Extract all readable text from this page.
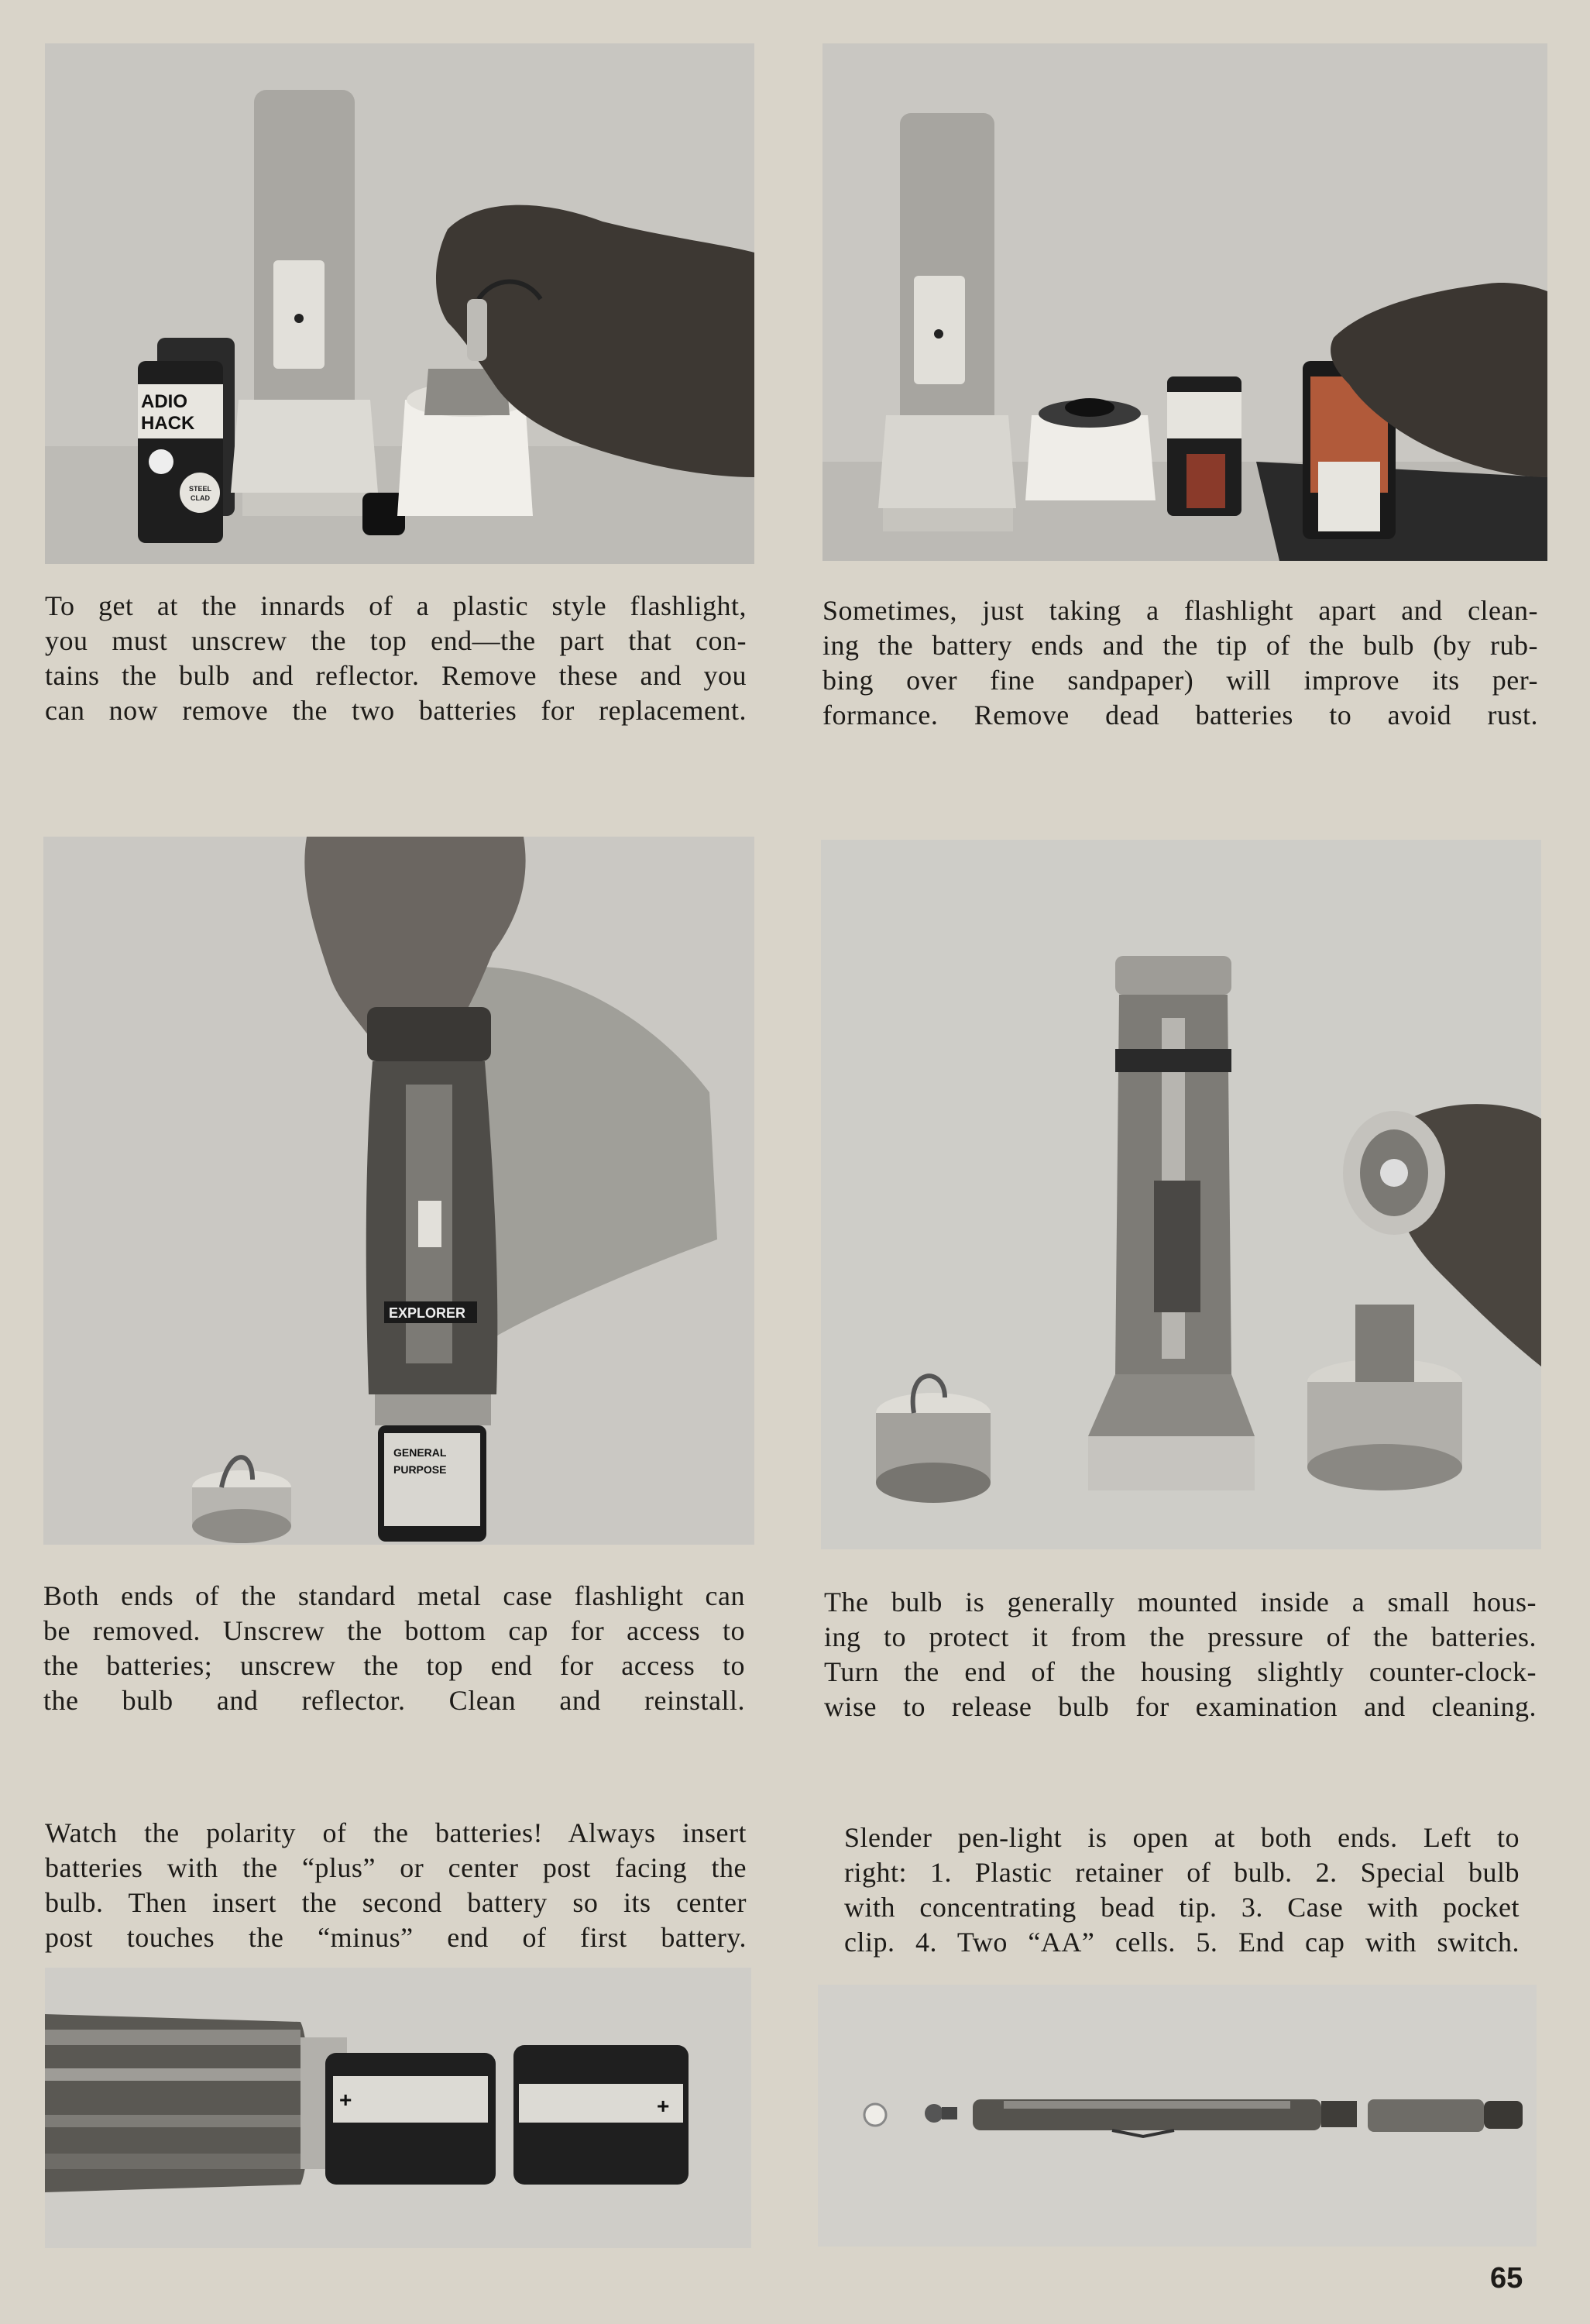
ADIO
HACK
STEEL
CLAD
To get at the innards of a plastic style flashlight,
you must unscrew the top end—the part that con-
tains the bulb and reflector. Remove these and you
can now remove the two batteries for replacement.
Sometimes, just taking a flashlight apart and clean-
ing the battery ends and the tip of the bulb (by rub-
bing over fine sandpaper) will improve its per-
formance. Remove dead batteries to avoid rust.
EXPLORER
GENERAL
PURPOSE
Both ends of the standard metal case flashlight can
be removed. Unscrew the bottom cap for access to
the batteries; unscrew the top end for access to
the bulb and reflector. Clean and reinstall.
The bulb is generally mounted inside a small hous-
ing to protect it from the pressure of the batteries.
Turn the end of the housing slightly counter-clock-
wise to release bulb for examination and cleaning.
Watch the polarity of the batteries! Always insert
batteries with the “plus” or center post facing the
bulb. Then insert the second battery so its center
post touches the “minus” end of first battery.
Slender pen-light is open at both ends. Left to
right: 1. Plastic retainer of bulb. 2. Special bulb
with concentrating bead tip. 3. Case with pocket
clip. 4. Two “AA” cells. 5. End cap with switch.
+	+
65
